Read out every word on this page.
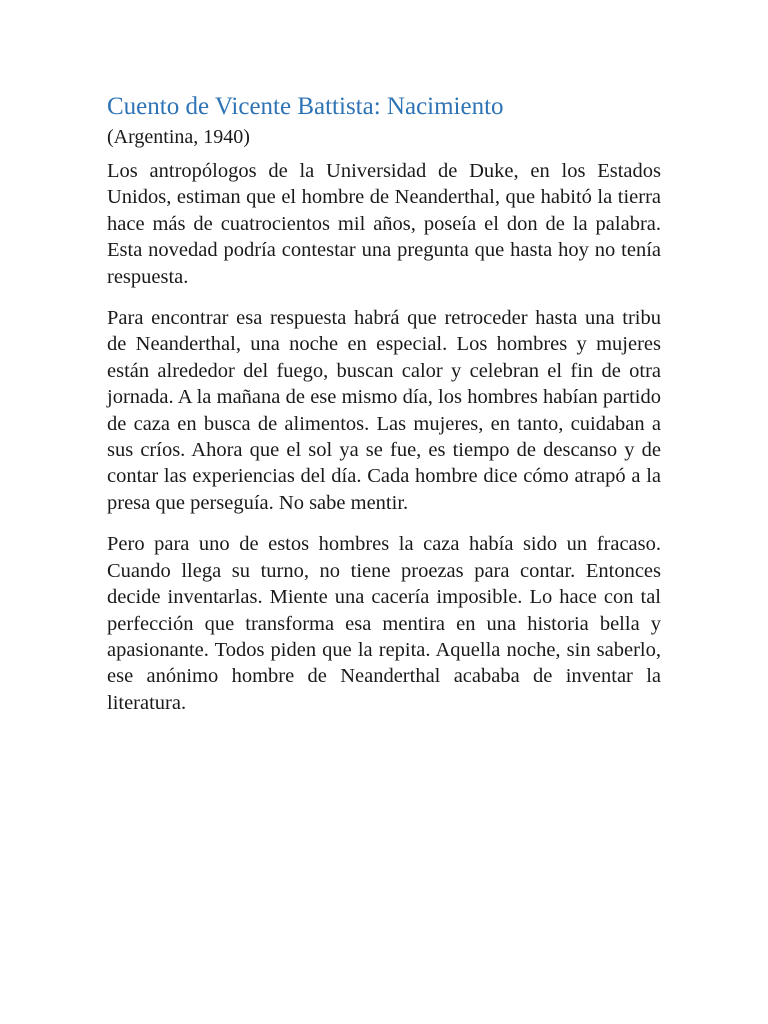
Cuento de Vicente Battista: Nacimiento

(Argentina, 1940)

Los antropólogos de la Universidad de Duke, en los Estados Unidos, estiman que el hombre de Neanderthal, que habitó la tierra hace más de cuatrocientos mil años, poseía el don de la palabra. Esta novedad podría contestar una pregunta que hasta hoy no tenía respuesta.

Para encontrar esa respuesta habrá que retroceder hasta una tribu de Neanderthal, una noche en especial. Los hombres y mujeres están alrededor del fuego, buscan calor y celebran el fin de otra jornada. A la mañana de ese mismo día, los hombres habían partido de caza en busca de alimentos. Las mujeres, en tanto, cuidaban a sus críos. Ahora que el sol ya se fue, es tiempo de descanso y de contar las experiencias del día. Cada hombre dice cómo atrapó a la presa que perseguía. No sabe mentir.

Pero para uno de estos hombres la caza había sido un fracaso. Cuando llega su turno, no tiene proezas para contar. Entonces decide inventarlas. Miente una cacería imposible. Lo hace con tal perfección que transforma esa mentira en una historia bella y apasionante. Todos piden que la repita. Aquella noche, sin saberlo, ese anónimo hombre de Neanderthal acababa de inventar la literatura.
